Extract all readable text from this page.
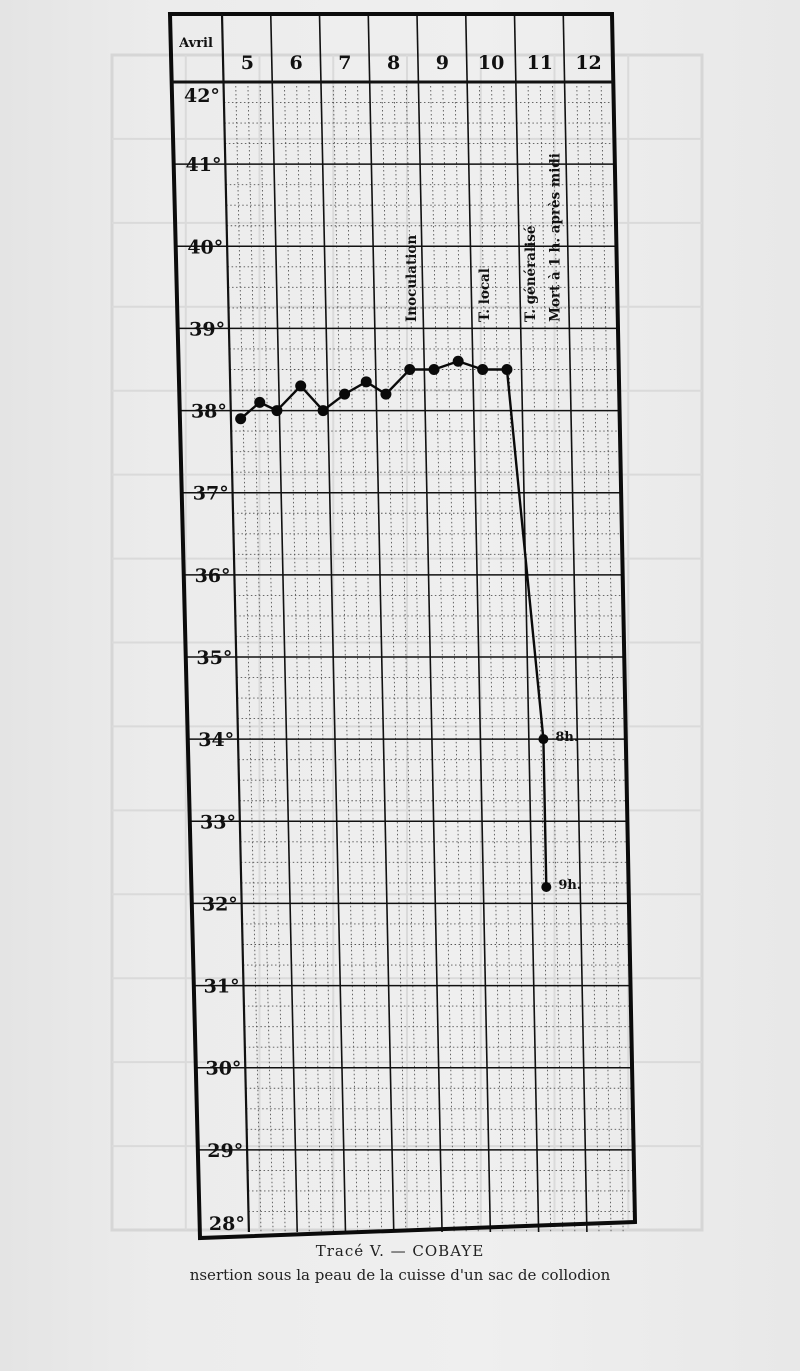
Avril
5 6 7 8 9 10 11 12
42°
41°
40°
39°
38°
37°
36°
35°
34°
33°
32°
31°
30°
29°
28°
Inoculation	T. local T. généralisé Mort à 1 h. après midi
8h.
9h.
Tracé V. — COBAYE
nsertion sous la peau de la cuisse d'un sac de collodion
